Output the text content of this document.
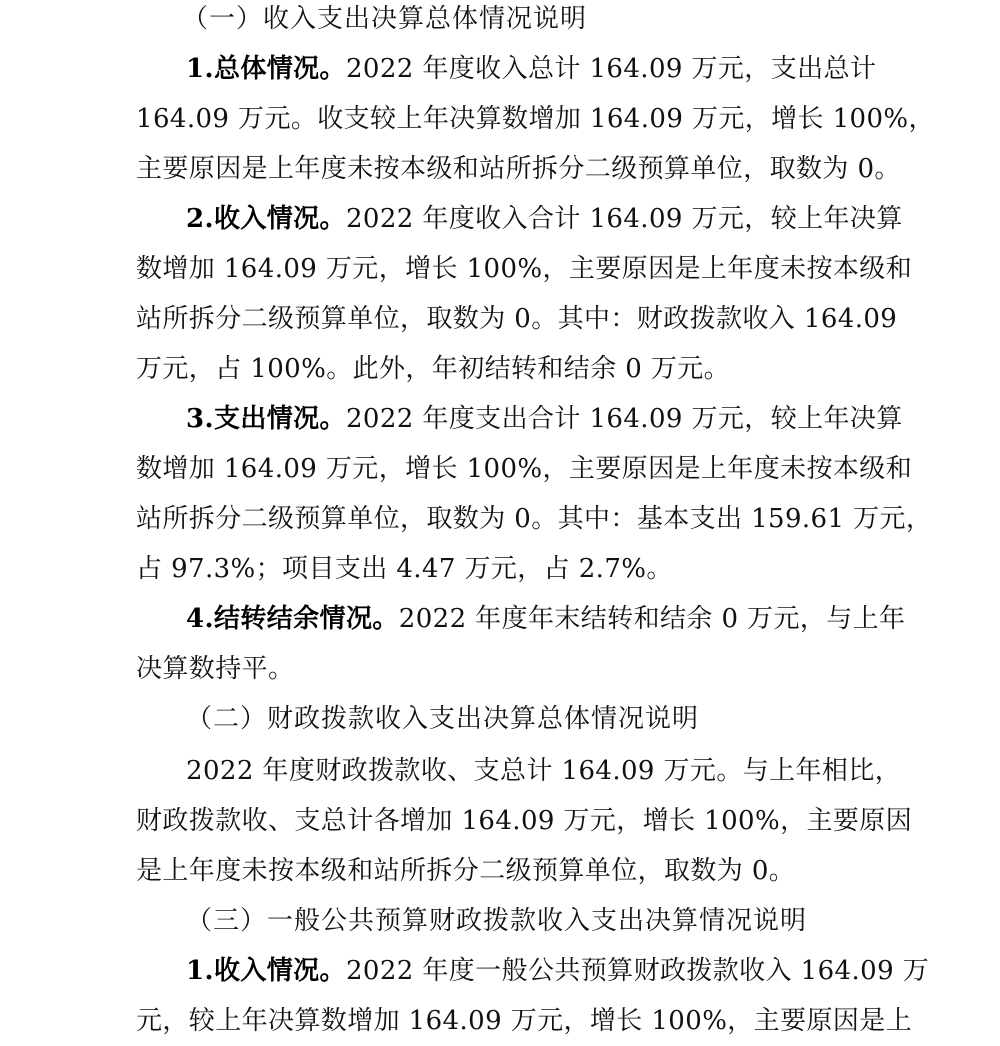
（一）收入支出决算总体情况说明
1.总体情况。2022 年度收入总计 164.09 万元，支出总计
164.09 万元。收支较上年决算数增加 164.09 万元，增长 100%，
主要原因是上年度未按本级和站所拆分二级预算单位，取数为 0。
2.收入情况。2022 年度收入合计 164.09 万元，较上年决算
数增加 164.09 万元，增长 100%，主要原因是上年度未按本级和
站所拆分二级预算单位，取数为 0。其中：财政拨款收入 164.09
万元，占 100%。此外，年初结转和结余 0 万元。
3.支出情况。2022 年度支出合计 164.09 万元，较上年决算
数增加 164.09 万元，增长 100%，主要原因是上年度未按本级和
站所拆分二级预算单位，取数为 0。其中：基本支出 159.61 万元，
占 97.3%；项目支出 4.47 万元，占 2.7%。
4.结转结余情况。2022 年度年末结转和结余 0 万元，与上年
决算数持平。
（二）财政拨款收入支出决算总体情况说明
2022 年度财政拨款收、支总计 164.09 万元。与上年相比，
财政拨款收、支总计各增加 164.09 万元，增长 100%，主要原因
是上年度未按本级和站所拆分二级预算单位，取数为 0。
（三）一般公共预算财政拨款收入支出决算情况说明
1.收入情况。2022 年度一般公共预算财政拨款收入 164.09 万
元，较上年决算数增加 164.09 万元，增长 100%，主要原因是上
